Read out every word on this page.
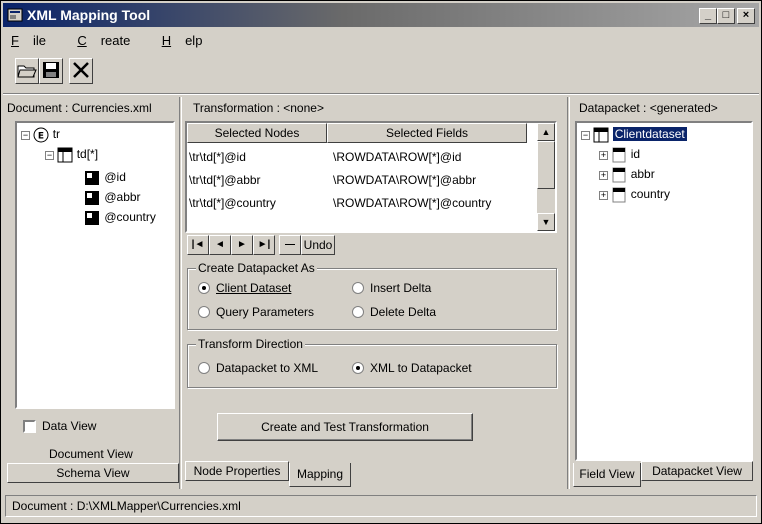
XML Mapping Tool	_	□	×
F ile C reate H elp
Document : Currencies.xml
− E tr
− td[*]
@id
@abbr
@country
Data View
Document View
Schema View
Transformation : <none>
Selected Nodes	Selected Fields
\tr\td[*]@id	\ROWDATA\ROW[*]@id
\tr\td[*]@abbr	\ROWDATA\ROW[*]@abbr
\tr\td[*]@country	\ROWDATA\ROW[*]@country
▲
▼
|◄	◄	►	►|	— Undo
Create Datapacket As
Client Dataset	Insert Delta
Query Parameters	Delete Delta
Transform Direction
Datapacket to XML	XML to Datapacket
Create and Test Transformation
Node Properties	Mapping
Datapacket : <generated>
− Clientdataset
+ id
+ abbr
+ country
Field View	Datapacket View
Document : D:\XMLMapper\Currencies.xml
